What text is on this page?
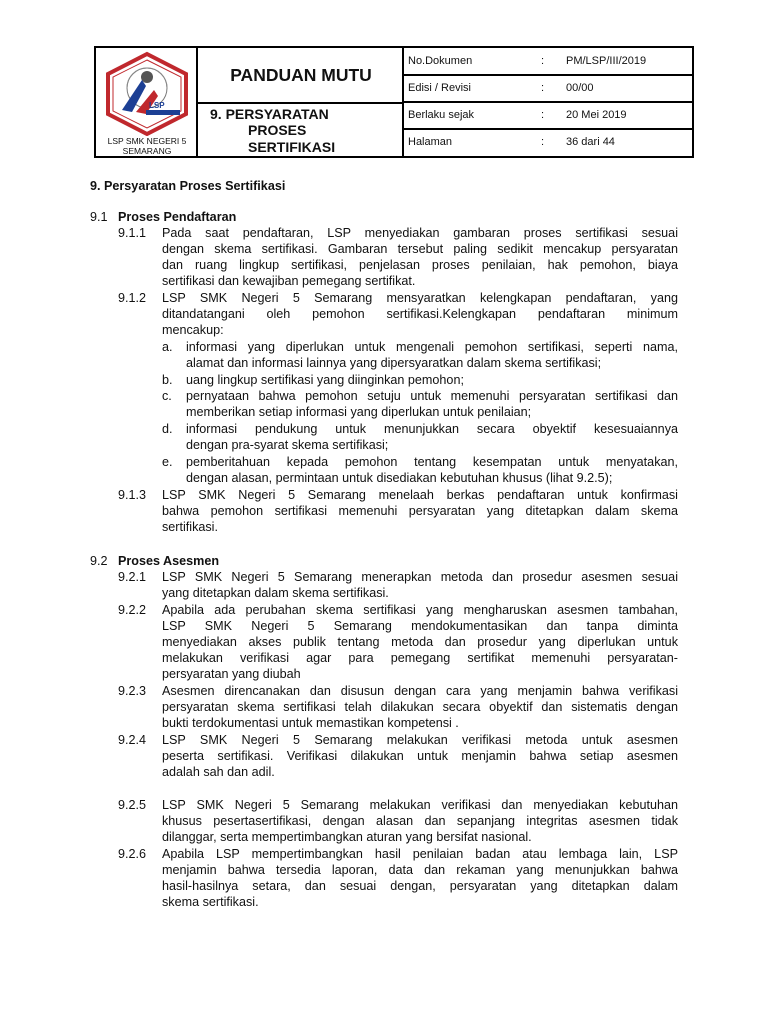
LSP
LSP SMK NEGERI 5
SEMARANG
PANDUAN MUTU
9. PERSYARATAN
PROSES
SERTIFIKASI
No.Dokumen	: PM/LSP/III/2019
Edisi / Revisi	: 00/00
Berlaku sejak	: 20 Mei 2019
Halaman	: 36 dari 44
9. Persyaratan Proses Sertifikasi
9.1 Proses Pendaftaran
9.1.1 Pada saat pendaftaran, LSP menyediakan gambaran proses sertifikasi sesuai
dengan skema sertifikasi. Gambaran tersebut paling sedikit mencakup persyaratan
dan ruang lingkup sertifikasi, penjelasan proses penilaian, hak pemohon, biaya
sertifikasi dan kewajiban pemegang sertifikat.
9.1.2 LSP SMK Negeri 5 Semarang mensyaratkan kelengkapan pendaftaran, yang
ditandatangani oleh pemohon sertifikasi.Kelengkapan pendaftaran minimum
mencakup:
a. informasi yang diperlukan untuk mengenali pemohon sertifikasi, seperti nama,
alamat dan informasi lainnya yang dipersyaratkan dalam skema sertifikasi;
b. uang lingkup sertifikasi yang diinginkan pemohon;
c. pernyataan bahwa pemohon setuju untuk memenuhi persyaratan sertifikasi dan
memberikan setiap informasi yang diperlukan untuk penilaian;
d. informasi pendukung untuk menunjukkan secara obyektif kesesuaiannya
dengan pra-syarat skema sertifikasi;
e. pemberitahuan kepada pemohon tentang kesempatan untuk menyatakan,
dengan alasan, permintaan untuk disediakan kebutuhan khusus (lihat 9.2.5);
9.1.3 LSP SMK Negeri 5 Semarang menelaah berkas pendaftaran untuk konfirmasi
bahwa pemohon sertifikasi memenuhi persyaratan yang ditetapkan dalam skema
sertifikasi.
9.2 Proses Asesmen
9.2.1 LSP SMK Negeri 5 Semarang menerapkan metoda dan prosedur asesmen sesuai
yang ditetapkan dalam skema sertifikasi.
9.2.2 Apabila ada perubahan skema sertifikasi yang mengharuskan asesmen tambahan,
LSP SMK Negeri 5 Semarang mendokumentasikan dan tanpa diminta
menyediakan akses publik tentang metoda dan prosedur yang diperlukan untuk
melakukan verifikasi agar para pemegang sertifikat memenuhi persyaratan-
persyaratan yang diubah
9.2.3 Asesmen direncanakan dan disusun dengan cara yang menjamin bahwa verifikasi
persyaratan skema sertifikasi telah dilakukan secara obyektif dan sistematis dengan
bukti terdokumentasi untuk memastikan kompetensi .
9.2.4 LSP SMK Negeri 5 Semarang melakukan verifikasi metoda untuk asesmen
peserta sertifikasi. Verifikasi dilakukan untuk menjamin bahwa setiap asesmen
adalah sah dan adil.
9.2.5 LSP SMK Negeri 5 Semarang melakukan verifikasi dan menyediakan kebutuhan
khusus pesertasertifikasi, dengan alasan dan sepanjang integritas asesmen tidak
dilanggar, serta mempertimbangkan aturan yang bersifat nasional.
9.2.6 Apabila LSP mempertimbangkan hasil penilaian badan atau lembaga lain, LSP
menjamin bahwa tersedia laporan, data dan rekaman yang menunjukkan bahwa
hasil-hasilnya setara, dan sesuai dengan, persyaratan yang ditetapkan dalam
skema sertifikasi.
